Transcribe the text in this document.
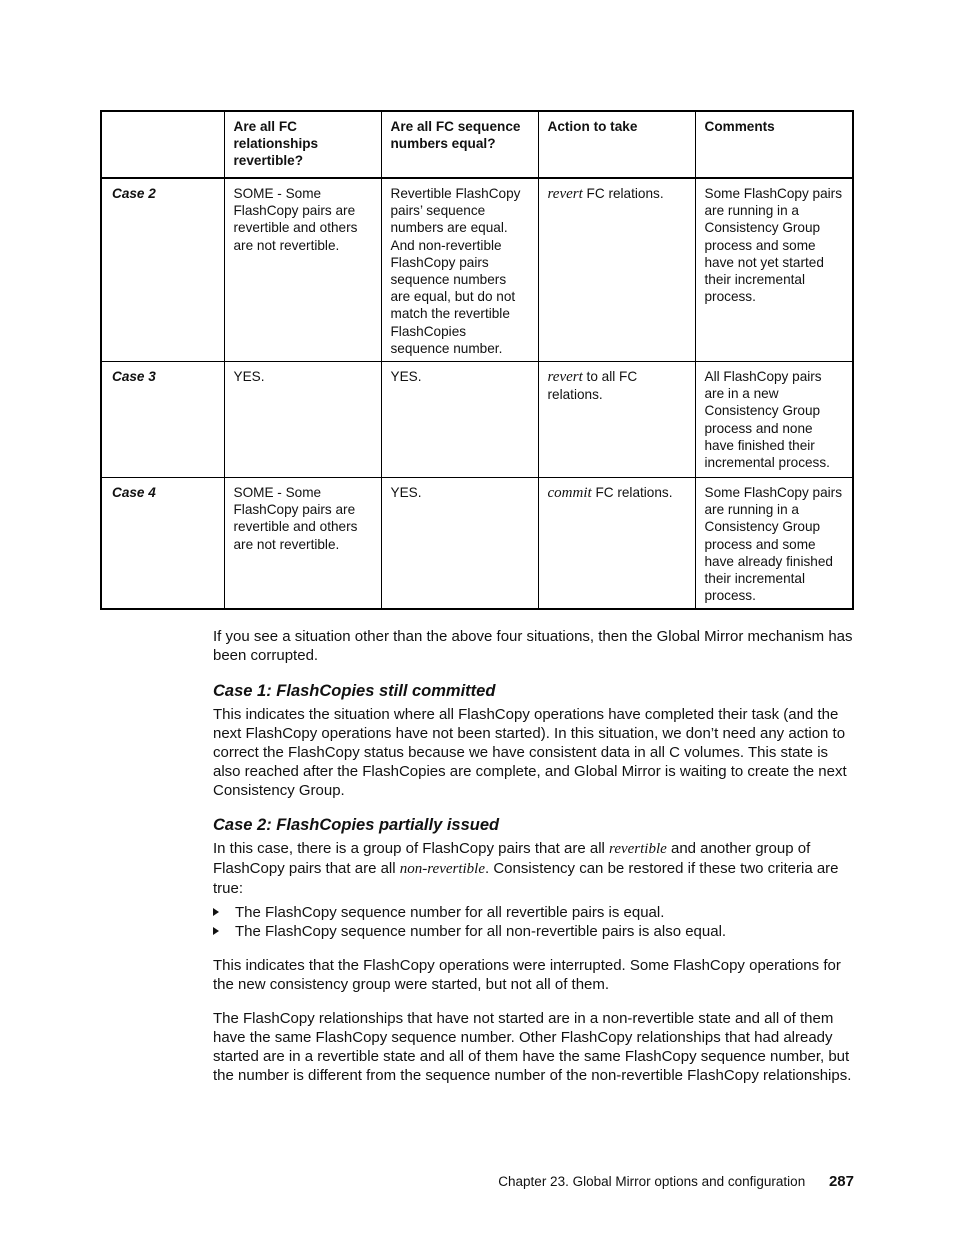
	Are all FC relationships revertible?	Are all FC sequence numbers equal?	Action to take	Comments
Case 2	SOME - Some FlashCopy pairs are revertible and others are not revertible.	Revertible FlashCopy pairs’ sequence numbers are equal. And non-revertible FlashCopy pairs sequence numbers are equal, but do not match the revertible FlashCopies sequence number.	revert FC relations.	Some FlashCopy pairs are running in a Consistency Group process and some have not yet started their incremental process.
Case 3	YES.	YES.	revert to all FC relations.	All FlashCopy pairs are in a new Consistency Group process and none have finished their incremental process.
Case 4	SOME - Some FlashCopy pairs are revertible and others are not revertible.	YES.	commit FC relations.	Some FlashCopy pairs are running in a Consistency Group process and some have already finished their incremental process.

If you see a situation other than the above four situations, then the Global Mirror mechanism has been corrupted.

Case 1: FlashCopies still committed

This indicates the situation where all FlashCopy operations have completed their task (and the next FlashCopy operations have not been started). In this situation, we don’t need any action to correct the FlashCopy status because we have consistent data in all C volumes. This state is also reached after the FlashCopies are complete, and Global Mirror is waiting to create the next Consistency Group.

Case 2: FlashCopies partially issued

In this case, there is a group of FlashCopy pairs that are all revertible and another group of FlashCopy pairs that are all non-revertible. Consistency can be restored if these two criteria are true:

The FlashCopy sequence number for all revertible pairs is equal.
The FlashCopy sequence number for all non-revertible pairs is also equal.

This indicates that the FlashCopy operations were interrupted. Some FlashCopy operations for the new consistency group were started, but not all of them.

The FlashCopy relationships that have not started are in a non-revertible state and all of them have the same FlashCopy sequence number. Other FlashCopy relationships that had already started are in a revertible state and all of them have the same FlashCopy sequence number, but the number is different from the sequence number of the non-revertible FlashCopy relationships.

Chapter 23. Global Mirror options and configuration 287
